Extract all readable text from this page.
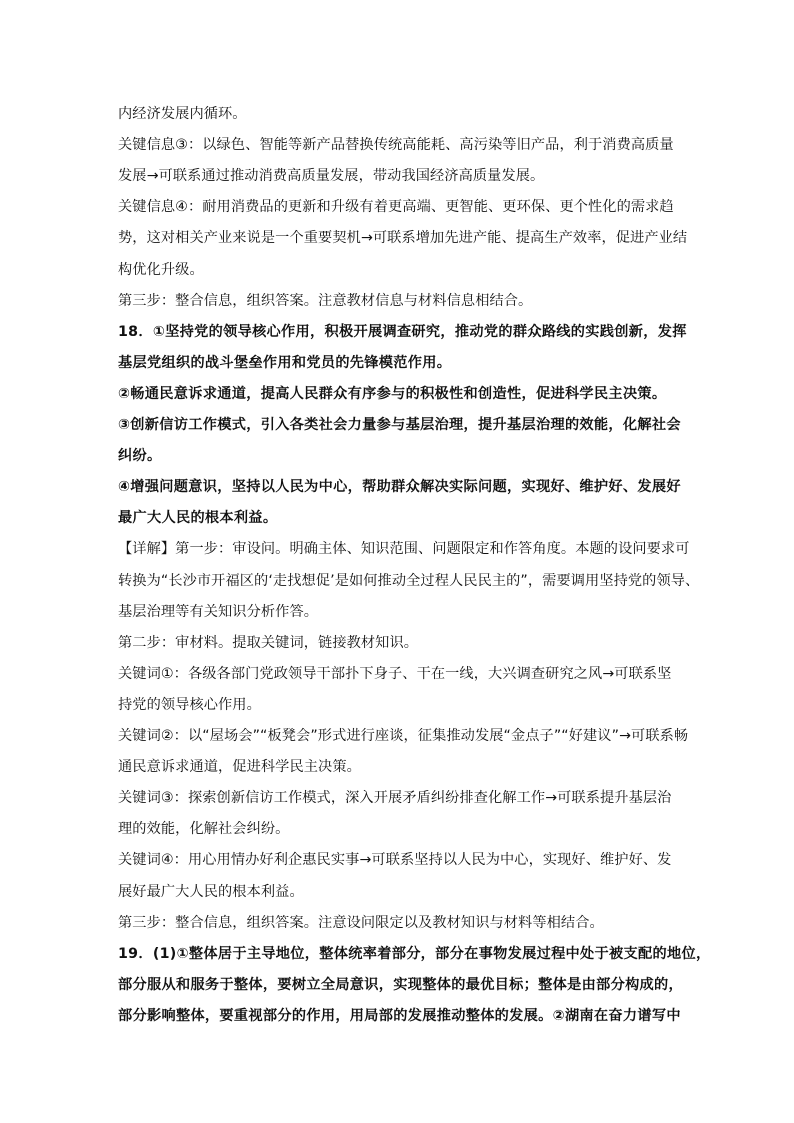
内经济发展内循环。
关键信息③：以绿色、智能等新产品替换传统高能耗、高污染等旧产品，利于消费高质量
发展→可联系通过推动消费高质量发展，带动我国经济高质量发展。
关键信息④：耐用消费品的更新和升级有着更高端、更智能、更环保、更个性化的需求趋
势，这对相关产业来说是一个重要契机→可联系增加先进产能、提高生产效率，促进产业结
构优化升级。
第三步：整合信息，组织答案。注意教材信息与材料信息相结合。
18．①坚持党的领导核心作用，积极开展调查研究，推动党的群众路线的实践创新，发挥
基层党组织的战斗堡垒作用和党员的先锋模范作用。
②畅通民意诉求通道，提高人民群众有序参与的积极性和创造性，促进科学民主决策。
③创新信访工作模式，引入各类社会力量参与基层治理，提升基层治理的效能，化解社会
纠纷。
④增强问题意识，坚持以人民为中心，帮助群众解决实际问题，实现好、维护好、发展好
最广大人民的根本利益。
【详解】第一步：审设问。明确主体、知识范围、问题限定和作答角度。本题的设问要求可
转换为“长沙市开福区的‘走找想促’是如何推动全过程人民民主的”，需要调用坚持党的领导、
基层治理等有关知识分析作答。
第二步：审材料。提取关键词，链接教材知识。
关键词①：各级各部门党政领导干部扑下身子、干在一线，大兴调查研究之风→可联系坚
持党的领导核心作用。
关键词②：以“屋场会”“板凳会”形式进行座谈，征集推动发展“金点子”“好建议”→可联系畅
通民意诉求通道，促进科学民主决策。
关键词③：探索创新信访工作模式，深入开展矛盾纠纷排查化解工作→可联系提升基层治
理的效能，化解社会纠纷。
关键词④：用心用情办好利企惠民实事→可联系坚持以人民为中心，实现好、维护好、发
展好最广大人民的根本利益。
第三步：整合信息，组织答案。注意设问限定以及教材知识与材料等相结合。
19．(1)①整体居于主导地位，整体统率着部分，部分在事物发展过程中处于被支配的地位，
部分服从和服务于整体，要树立全局意识，实现整体的最优目标；整体是由部分构成的，
部分影响整体，要重视部分的作用，用局部的发展推动整体的发展。②湖南在奋力谱写中
